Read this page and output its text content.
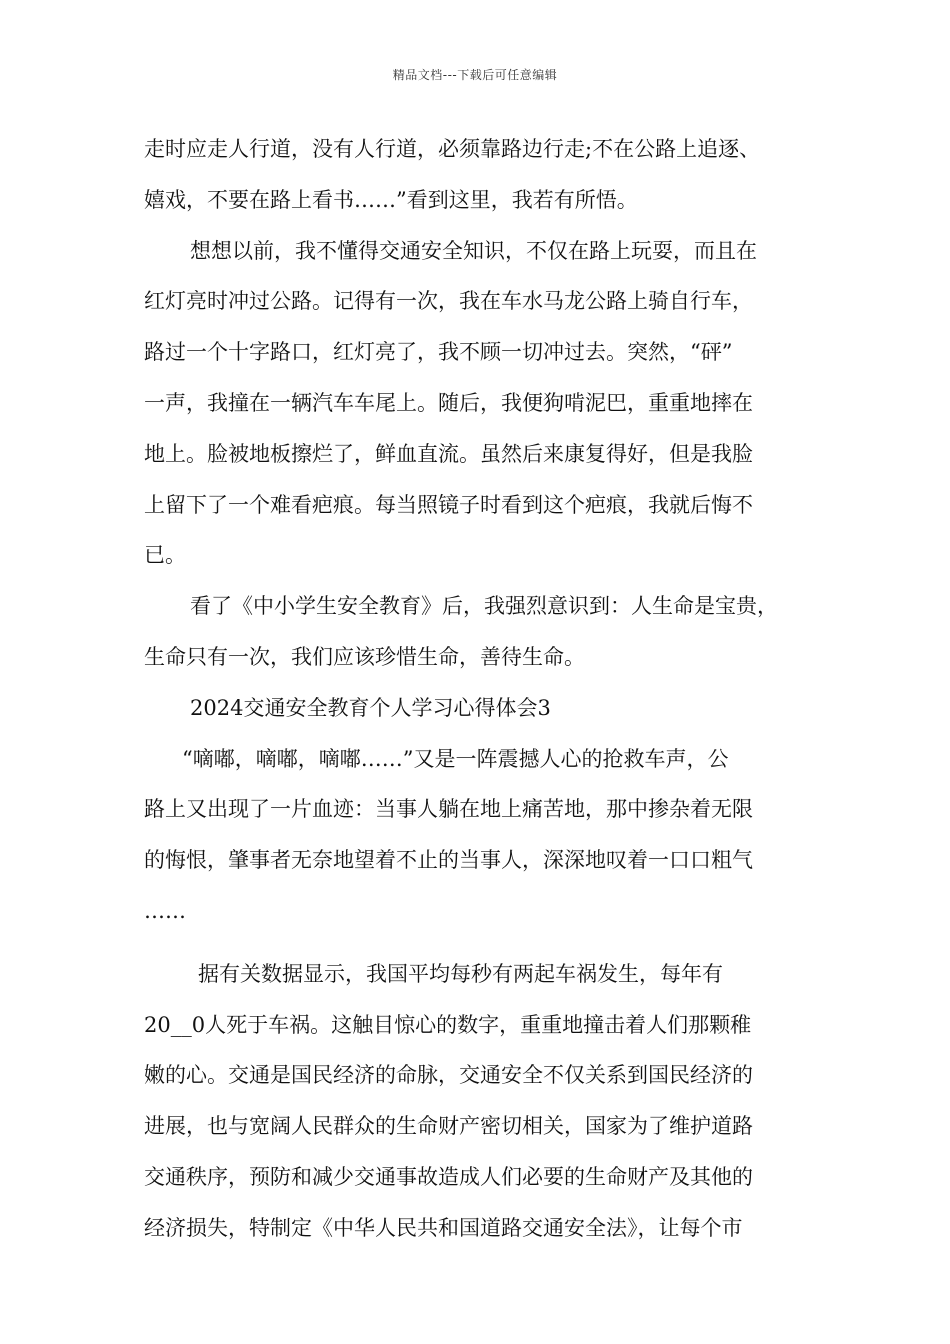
精品文档---下载后可任意编辑
走时应走人行道，没有人行道，必须靠路边行走;不在公路上追逐、
嬉戏，不要在路上看书……”看到这里，我若有所悟。
想想以前，我不懂得交通安全知识，不仅在路上玩耍，而且在
红灯亮时冲过公路。记得有一次，我在车水马龙公路上骑自行车，
路过一个十字路口，红灯亮了，我不顾一切冲过去。突然，“砰”
一声，我撞在一辆汽车车尾上。随后，我便狗啃泥巴，重重地摔在
地上。脸被地板擦烂了，鲜血直流。虽然后来康复得好，但是我脸
上留下了一个难看疤痕。每当照镜子时看到这个疤痕，我就后悔不
已。
看了《中小学生安全教育》后，我强烈意识到：人生命是宝贵，
生命只有一次，我们应该珍惜生命，善待生命。
2024交通安全教育个人学习心得体会3
“嘀嘟，嘀嘟，嘀嘟……”又是一阵震撼人心的抢救车声，公
路上又出现了一片血迹：当事人躺在地上痛苦地，那中掺杂着无限
的悔恨，肇事者无奈地望着不止的当事人，深深地叹着一口口粗气
……
据有关数据显示，我国平均每秒有两起车祸发生，每年有
20__0人死于车祸。这触目惊心的数字，重重地撞击着人们那颗稚
嫩的心。交通是国民经济的命脉，交通安全不仅关系到国民经济的
进展，也与宽阔人民群众的生命财产密切相关，国家为了维护道路
交通秩序，预防和减少交通事故造成人们必要的生命财产及其他的
经济损失，特制定《中华人民共和国道路交通安全法》，让每个市
